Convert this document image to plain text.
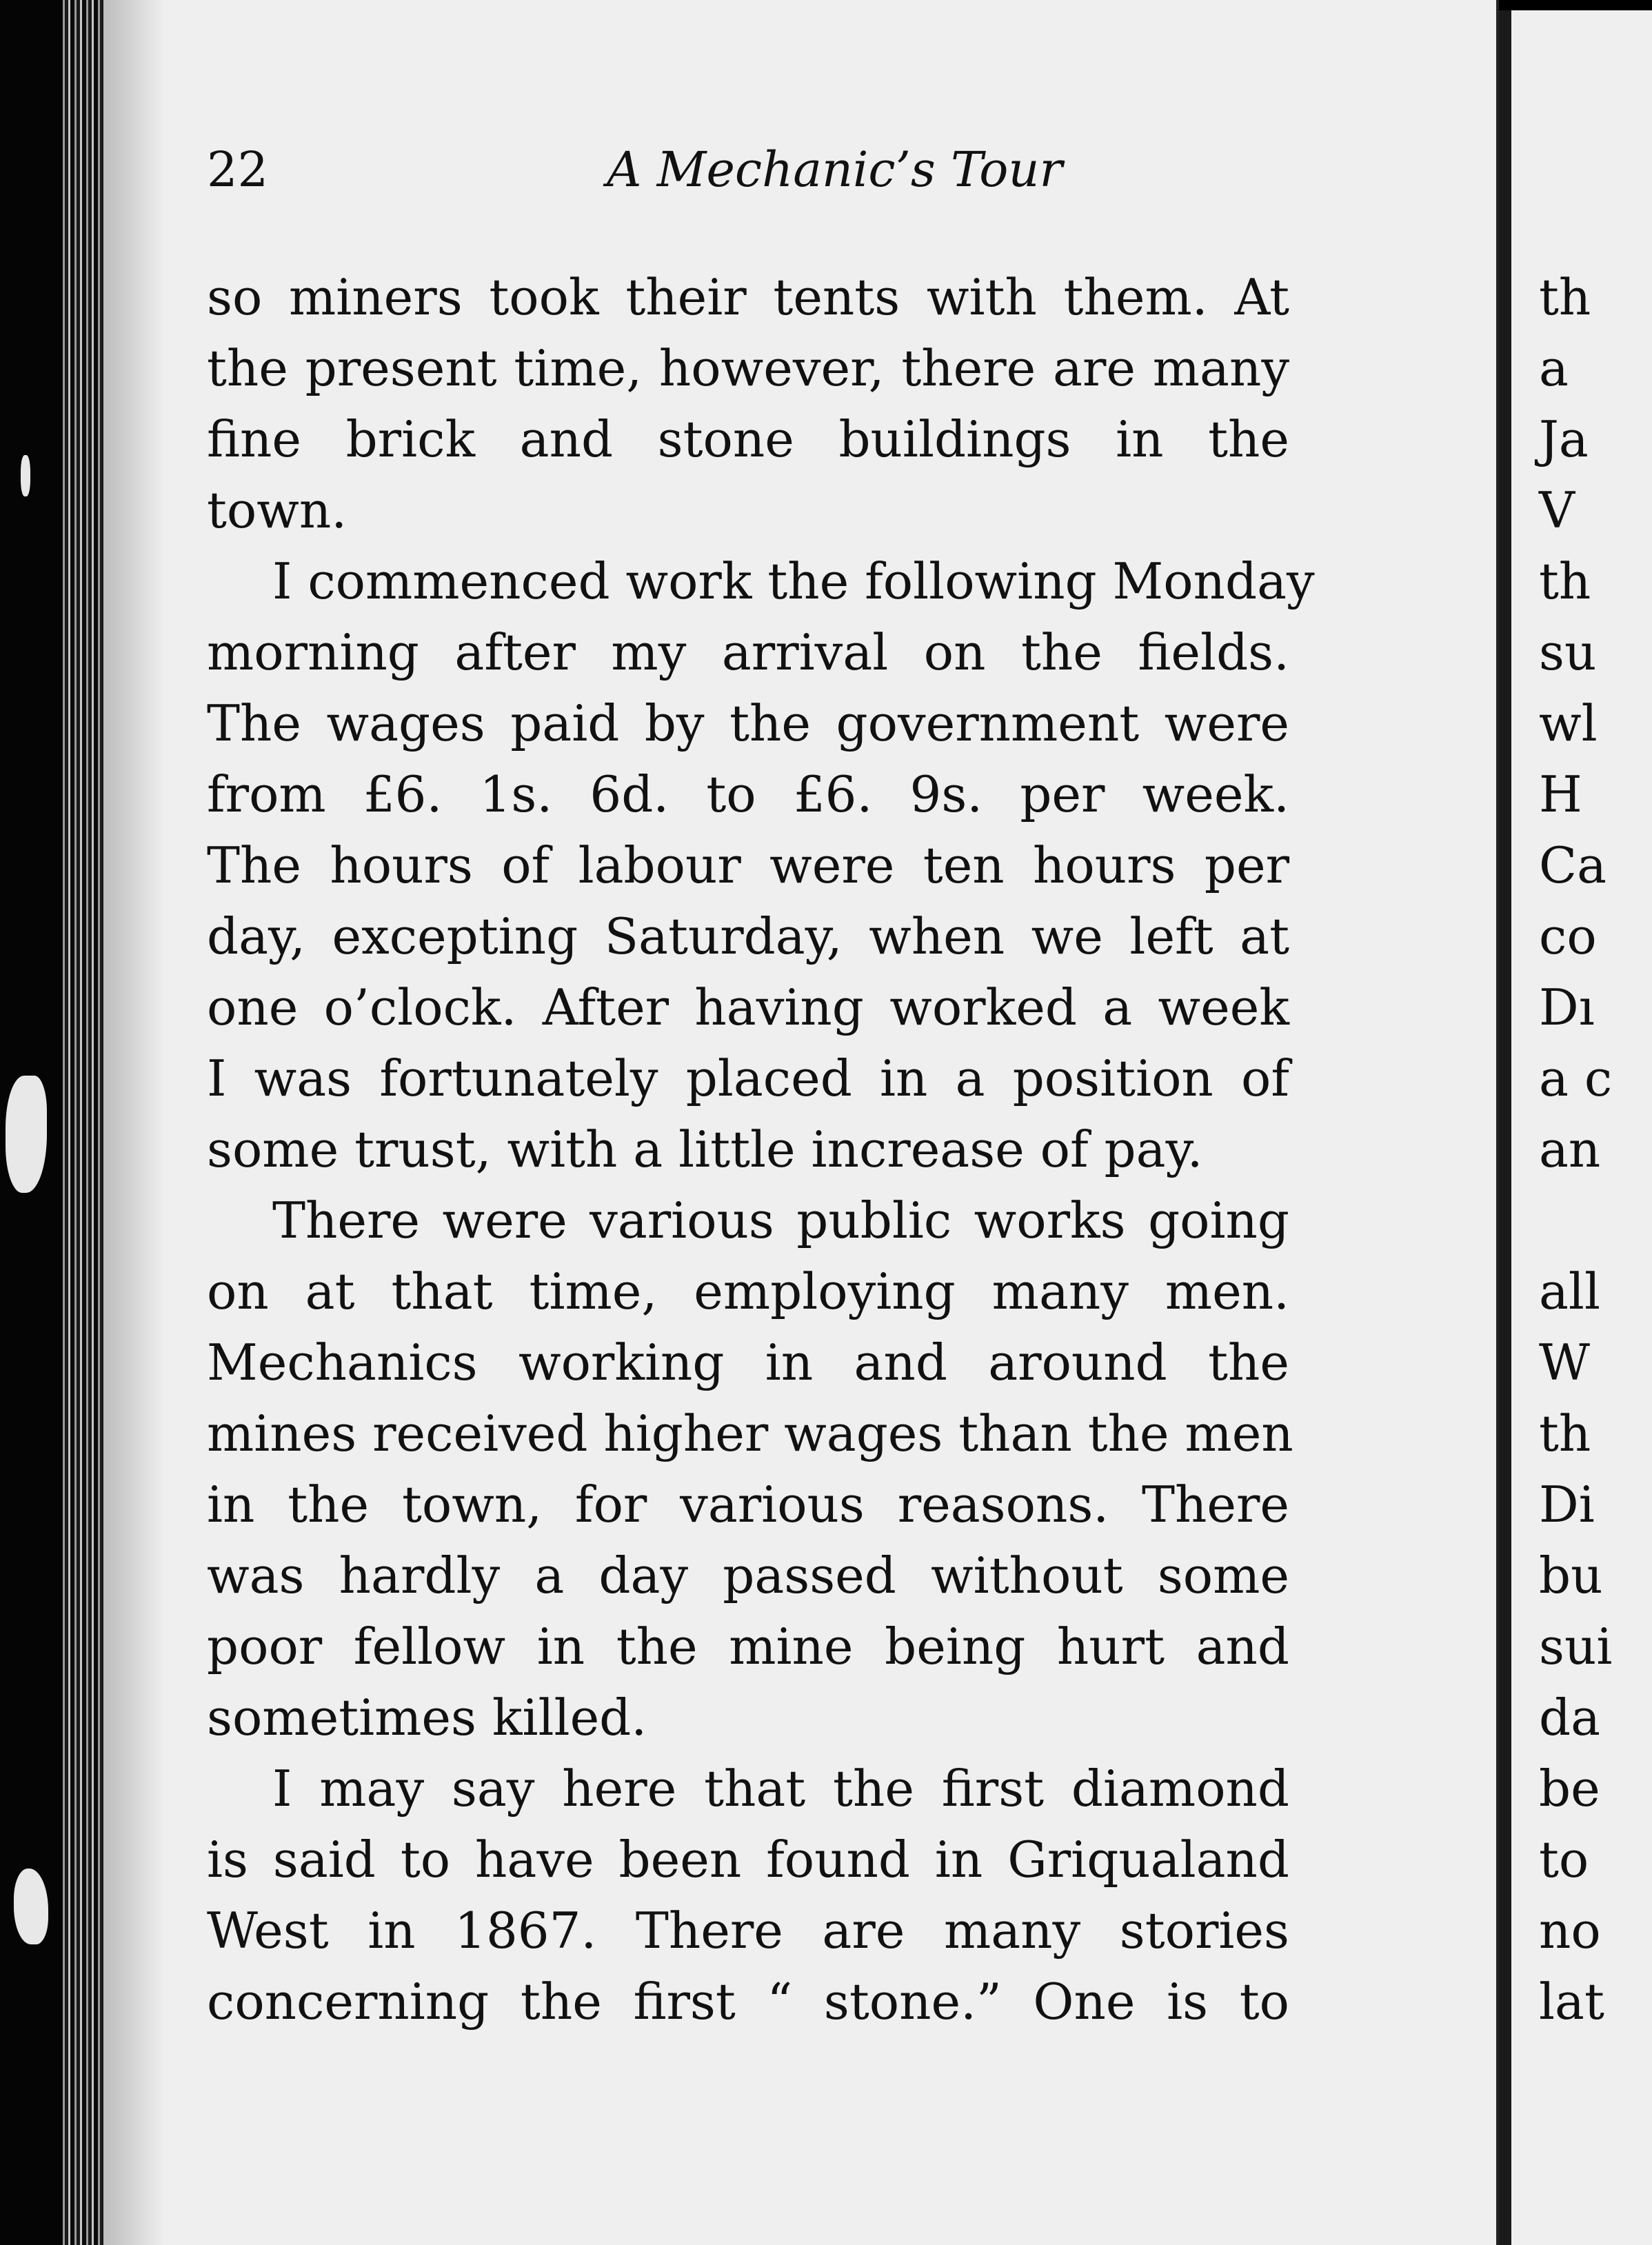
22	A Mechanic’s Tour

so miners took their tents with them. At
the present time, however, there are many
fine brick and stone buildings in the
town.

I commenced work the following Monday
morning after my arrival on the fields.
The wages paid by the government were
from £6. 1s. 6d. to £6. 9s. per week.
The hours of labour were ten hours per
day, excepting Saturday, when we left at
one o’clock. After having worked a week
I was fortunately placed in a position of
some trust, with a little increase of pay.

There were various public works going
on at that time, employing many men.
Mechanics working in and around the
mines received higher wages than the men
in the town, for various reasons. There
was hardly a day passed without some
poor fellow in the mine being hurt and
sometimes killed.

I may say here that the first diamond
is said to have been found in Griqualand
West in 1867. There are many stories
concerning the first “ stone.” One is to

th
a
Ja
V
th
su
wl
H
Ca
co
Dı
a c
an
all
W
th
Di
bu
sui
da
be
to
no
lat
